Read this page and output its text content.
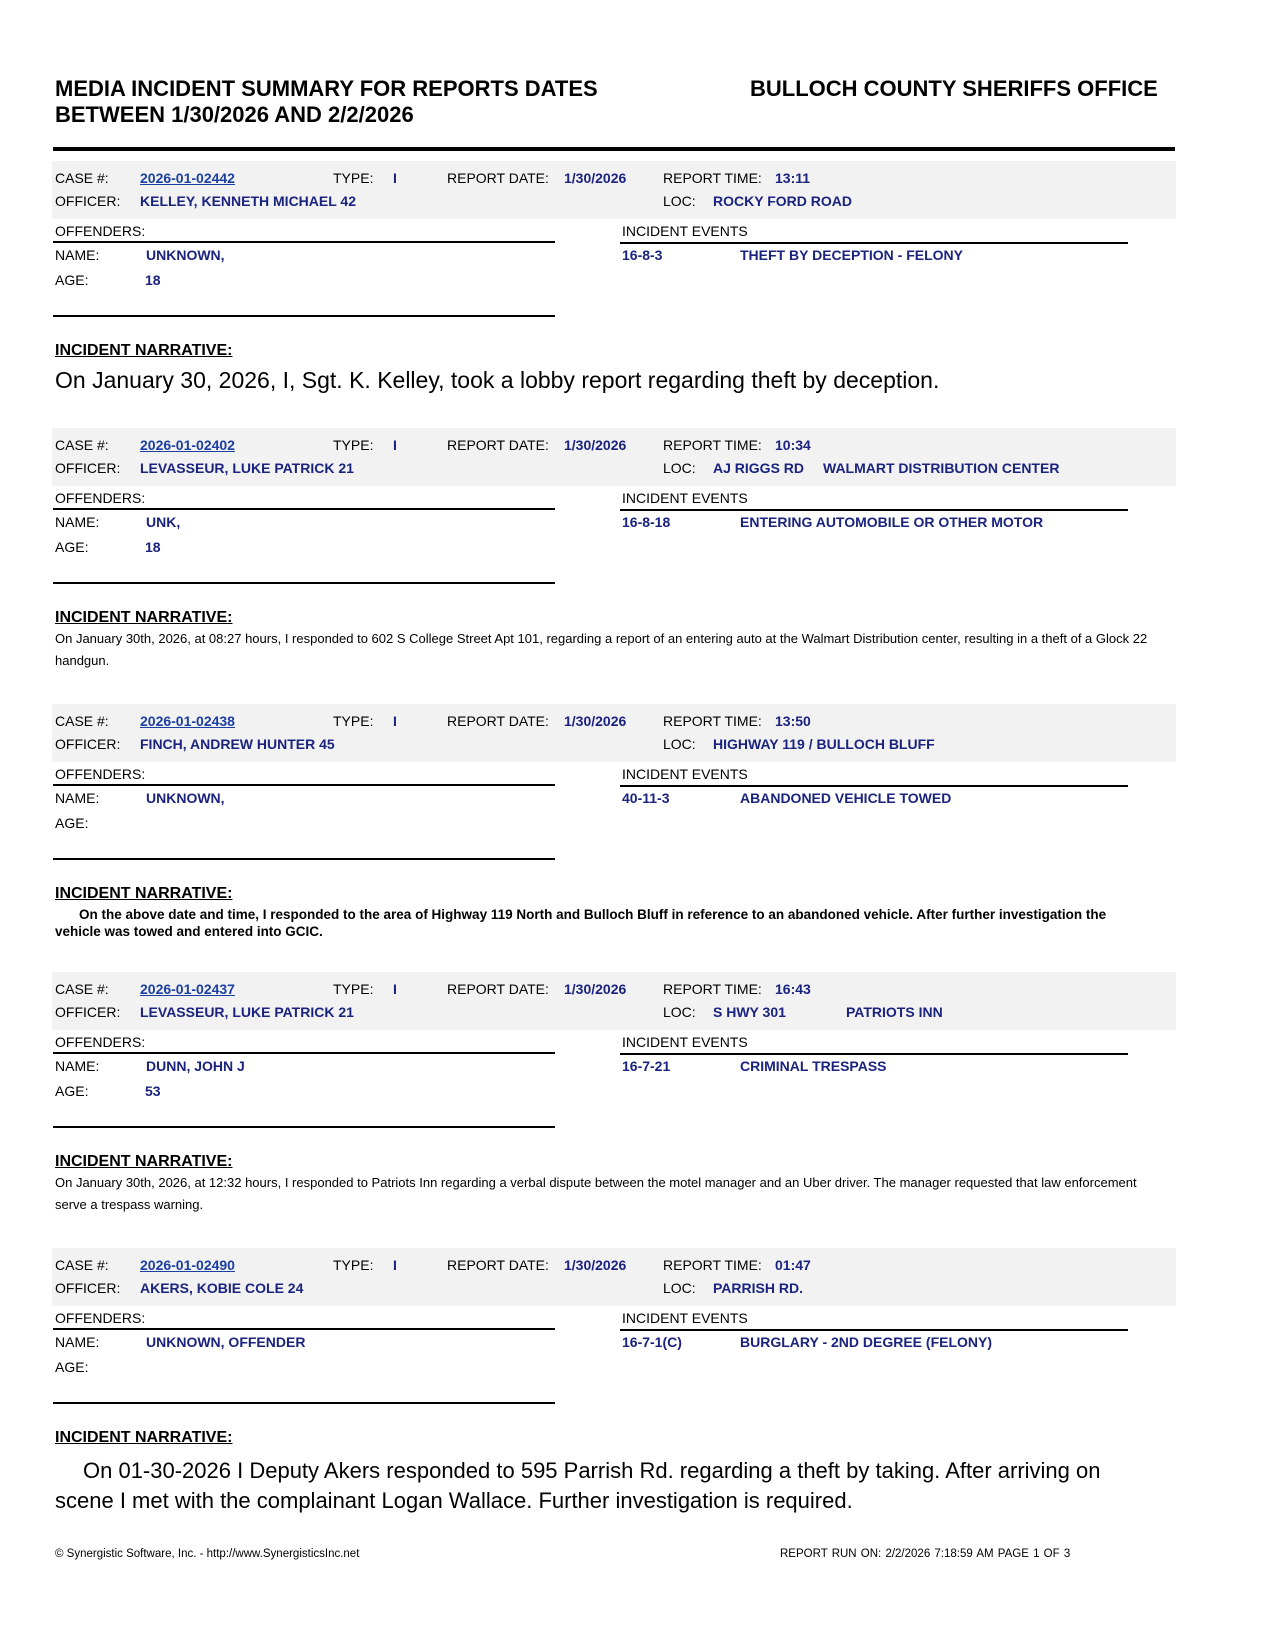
MEDIA INCIDENT SUMMARY FOR REPORTS DATES
BETWEEN 1/30/2026 AND 2/2/2026
BULLOCH COUNTY SHERIFFS OFFICE
CASE #: 2026-01-02442	TYPE: I	REPORT DATE: 1/30/2026	REPORT TIME: 13:11
OFFICER: KELLEY, KENNETH MICHAEL 42	LOC: ROCKY FORD ROAD
OFFENDERS:	INCIDENT EVENTS
NAME:	UNKNOWN,	16-8-3	THEFT BY DECEPTION - FELONY
AGE:	18
INCIDENT NARRATIVE:
On January 30, 2026, I, Sgt. K. Kelley, took a lobby report regarding theft by deception.
CASE #: 2026-01-02402	TYPE: I	REPORT DATE: 1/30/2026	REPORT TIME: 10:34
OFFICER: LEVASSEUR, LUKE PATRICK 21	LOC: AJ RIGGS RD WALMART DISTRIBUTION CENTER
OFFENDERS:	INCIDENT EVENTS
NAME:	UNK,	16-8-18	ENTERING AUTOMOBILE OR OTHER MOTOR
AGE:	18
INCIDENT NARRATIVE:
On January 30th, 2026, at 08:27 hours, I responded to 602 S College Street Apt 101, regarding a report of an entering auto at the Walmart Distribution center, resulting in a theft of a Glock 22 handgun.
CASE #: 2026-01-02438	TYPE: I	REPORT DATE: 1/30/2026	REPORT TIME: 13:50
OFFICER: FINCH, ANDREW HUNTER 45	LOC: HIGHWAY 119 / BULLOCH BLUFF
OFFENDERS:	INCIDENT EVENTS
NAME:	UNKNOWN,	40-11-3	ABANDONED VEHICLE TOWED
AGE:
INCIDENT NARRATIVE:
On the above date and time, I responded to the area of Highway 119 North and Bulloch Bluff in reference to an abandoned vehicle. After further investigation the vehicle was towed and entered into GCIC.
CASE #: 2026-01-02437	TYPE: I	REPORT DATE: 1/30/2026	REPORT TIME: 16:43
OFFICER: LEVASSEUR, LUKE PATRICK 21	LOC: S HWY 301	PATRIOTS INN
OFFENDERS:	INCIDENT EVENTS
NAME:	DUNN, JOHN J	16-7-21	CRIMINAL TRESPASS
AGE:	53
INCIDENT NARRATIVE:
On January 30th, 2026, at 12:32 hours, I responded to Patriots Inn regarding a verbal dispute between the motel manager and an Uber driver. The manager requested that law enforcement serve a trespass warning.
CASE #: 2026-01-02490	TYPE: I	REPORT DATE: 1/30/2026	REPORT TIME: 01:47
OFFICER: AKERS, KOBIE COLE 24	LOC: PARRISH RD.
OFFENDERS:	INCIDENT EVENTS
NAME:	UNKNOWN, OFFENDER	16-7-1(C)	BURGLARY - 2ND DEGREE (FELONY)
AGE:
INCIDENT NARRATIVE:
On 01-30-2026 I Deputy Akers responded to 595 Parrish Rd. regarding a theft by taking. After arriving on scene I met with the complainant Logan Wallace. Further investigation is required.
© Synergistic Software, Inc. - http://www.SynergisticsInc.net	REPORT RUN ON: 2/2/2026 7:18:59 AM PAGE 1 OF 3
